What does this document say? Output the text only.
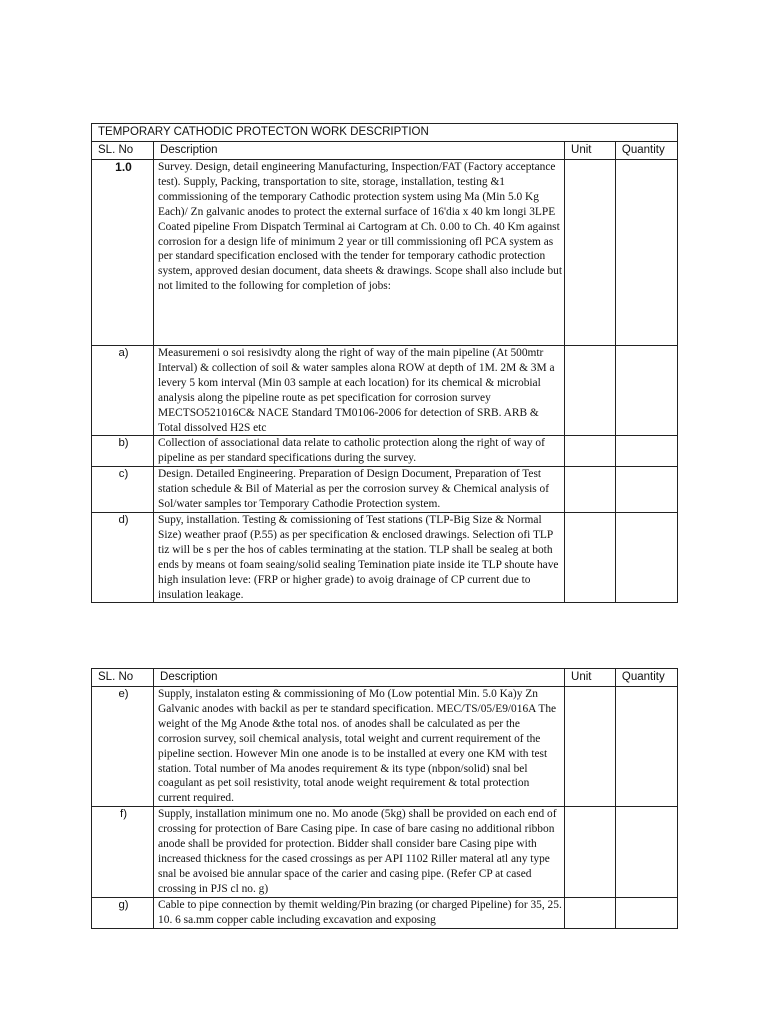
TEMPORARY CATHODIC PROTECTON WORK DESCRIPTION			
SL. No	Description	Unit	Quantity
1.0	Survey. Design, detail engineering Manufacturing, Inspection/FAT (Factory acceptance test). Supply, Packing, transportation to site, storage, installation, testing &1 commissioning of the temporary Cathodic protection system using Ma (Min 5.0 Kg Each)/ Zn galvanic anodes to protect the external surface of 16'dia x 40 km longi 3LPE Coated pipeline From Dispatch Terminal ai Cartogram at Ch. 0.00 to Ch. 40 Km against corrosion for a design life of minimum 2 year or till commissioning ofl PCA system as per standard specification enclosed with the tender for temporary cathodic protection system, approved desian document, data sheets & drawings. Scope shall also include but not limited to the following for completion of jobs:		
a)	Measuremeni o soi resisivdty along the right of way of the main pipeline (At 500mtr Interval) & collection of soil & water samples alona ROW at depth of 1M. 2M & 3M a levery 5 kom interval (Min 03 sample at each location) for its chemical & microbial analysis along the pipeline route as pet specification for corrosion survey MECTSO521016C& NACE Standard TM0106-2006 for detection of SRB. ARB & Total dissolved H2S etc		
b)	Collection of associational data relate to catholic protection along the right of way of pipeline as per standard specifications during the survey.		
c)	Design. Detailed Engineering. Preparation of Design Document, Preparation of Test station schedule & Bil of Material as per the corrosion survey & Chemical analysis of Sol/water samples tor Temporary Cathodie Protection system.		
d)	Supy, installation. Testing & comissioning of Test stations (TLP-Big Size & Normal Size) weather praof (P.55) as per specification & enclosed drawings. Selection ofi TLP tiz will be s per the hos of cables terminating at the station. TLP shall be sealeg at both ends by means ot foam seaing/solid sealing Temination piate inside ite TLP shoute have high insulation leve: (FRP or higher grade) to avoig drainage of CP current due to insulation leakage.		
SL. No	Description	Unit	Quantity
e)	Supply, instalaton esting & commissioning of Mo (Low potential Min. 5.0 Ka)y Zn Galvanic anodes with backil as per te standard specification. MEC/TS/05/E9/016A The weight of the Mg Anode &the total nos. of anodes shall be calculated as per the corrosion survey, soil chemical analysis, total weight and current requirement of the pipeline section. However Min one anode is to be installed at every one KM with test station. Total number of Ma anodes requirement & its type (nbpon/solid) snal bel coagulant as pet soil resistivity, total anode weight requirement & total protection current required.		
f)	Supply, installation minimum one no. Mo anode (5kg) shall be provided on each end of crossing for protection of Bare Casing pipe. In case of bare casing no additional ribbon anode shall be provided for protection. Bidder shall consider bare Casing pipe with increased thickness for the cased crossings as per API 1102 Riller materal atl any type snal be avoised bie annular space of the carier and casing pipe. (Refer CP at cased crossing in PJS cl no. g)		
g)	Cable to pipe connection by themit welding/Pin brazing (or charged Pipeline) for 35, 25. 10. 6 sa.mm copper cable including excavation and exposing		
